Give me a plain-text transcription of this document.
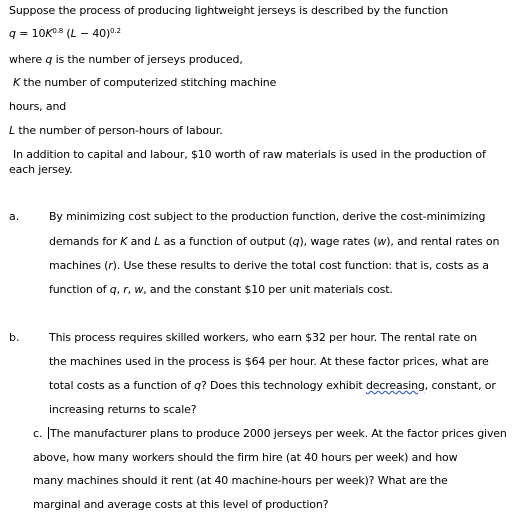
Suppose the process of producing lightweight jerseys is described by the function
$q = 10K^{0.8}$ $(L - 40)^{0.2}$
where q is the number of jerseys produced,
K the number of computerized stitching machine
hours, and
L the number of person-hours of labour.
In addition to capital and labour, $10 worth of raw materials is used in the production of
each jersey.
a.	By minimizing cost subject to the production function, derive the cost-minimizing
demands for K and L as a function of output (q), wage rates (w), and rental rates on
machines (r). Use these results to derive the total cost function: that is, costs as a
function of q, r, w, and the constant $10 per unit materials cost.
b.	This process requires skilled workers, who earn $32 per hour. The rental rate on
the machines used in the process is $64 per hour. At these factor prices, what are
total costs as a function of q? Does this technology exhibit decreasing, constant, or
increasing returns to scale?
c. The manufacturer plans to produce 2000 jerseys per week. At the factor prices given
above, how many workers should the firm hire (at 40 hours per week) and how
many machines should it rent (at 40 machine-hours per week)? What are the
marginal and average costs at this level of production?
